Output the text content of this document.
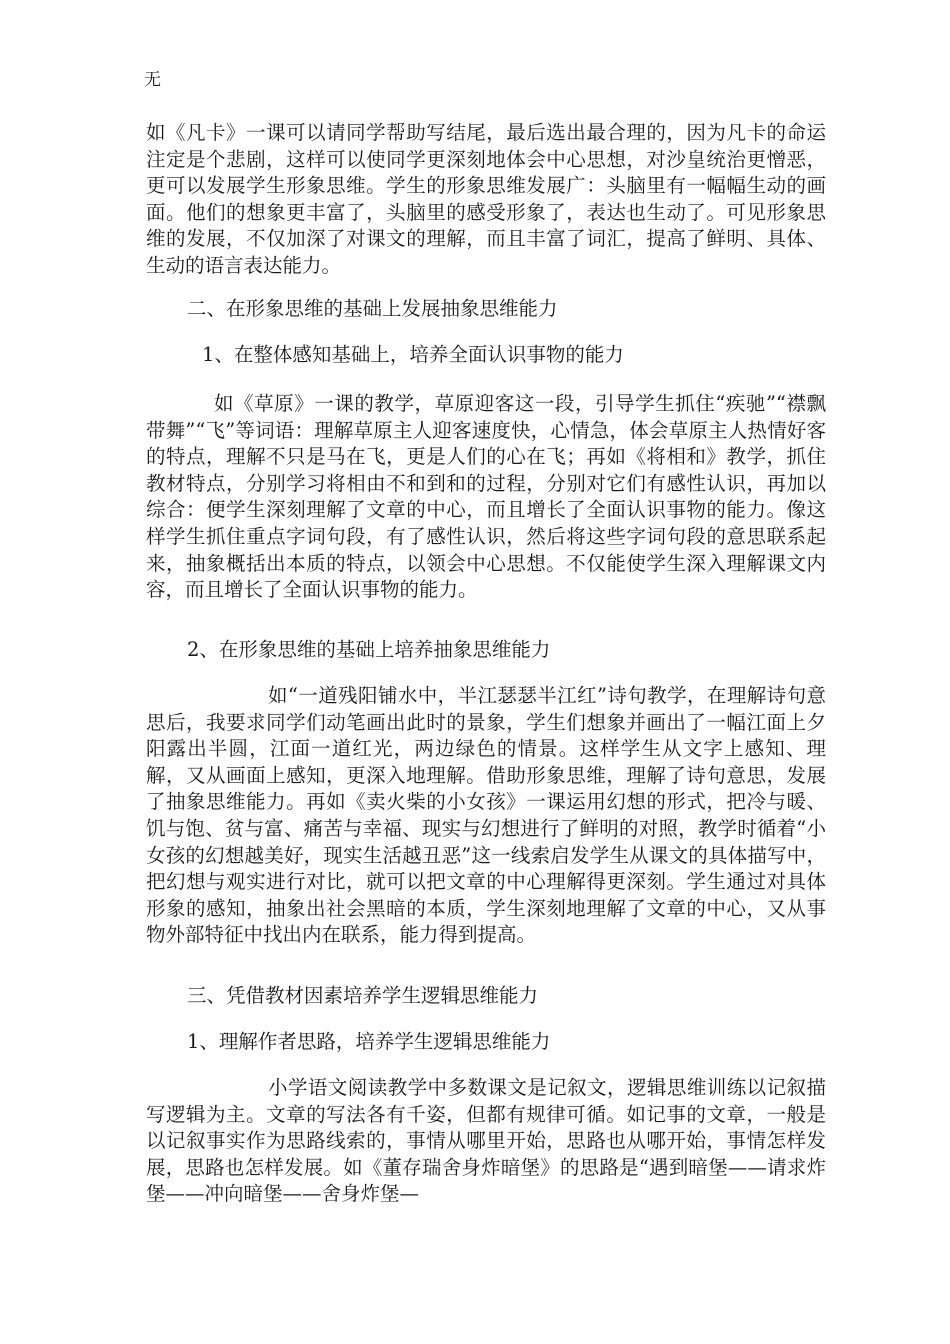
无
如《凡卡》一课可以请同学帮助写结尾，最后选出最合理的，因为凡卡的命运注定是个悲剧，这样可以使同学更深刻地体会中心思想，对沙皇统治更憎恶，更可以发展学生形象思维。学生的形象思维发展广：头脑里有一幅幅生动的画面。他们的想象更丰富了，头脑里的感受形象了，表达也生动了。可见形象思维的发展，不仅加深了对课文的理解，而且丰富了词汇，提高了鲜明、具体、生动的语言表达能力。
二、在形象思维的基础上发展抽象思维能力
1、在整体感知基础上，培养全面认识事物的能力
如《草原》一课的教学，草原迎客这一段，引导学生抓住“疾驰”“襟飘带舞”“飞”等词语：理解草原主人迎客速度快，心情急，体会草原主人热情好客的特点，理解不只是马在飞，更是人们的心在飞；再如《将相和》教学，抓住教材特点，分别学习将相由不和到和的过程，分别对它们有感性认识，再加以综合：便学生深刻理解了文章的中心，而且增长了全面认识事物的能力。像这样学生抓住重点字词句段，有了感性认识，然后将这些字词句段的意思联系起来，抽象概括出本质的特点，以领会中心思想。不仅能使学生深入理解课文内容，而且增长了全面认识事物的能力。
2、在形象思维的基础上培养抽象思维能力
如“一道残阳铺水中，半江瑟瑟半江红”诗句教学，在理解诗句意思后，我要求同学们动笔画出此时的景象，学生们想象并画出了一幅江面上夕阳露出半圆，江面一道红光，两边绿色的情景。这样学生从文字上感知、理解，又从画面上感知，更深入地理解。借助形象思维，理解了诗句意思，发展了抽象思维能力。再如《卖火柴的小女孩》一课运用幻想的形式，把冷与暖、饥与饱、贫与富、痛苦与幸福、现实与幻想进行了鲜明的对照，教学时循着“小女孩的幻想越美好，现实生活越丑恶”这一线索启发学生从课文的具体描写中，把幻想与观实进行对比，就可以把文章的中心理解得更深刻。学生通过对具体形象的感知，抽象出社会黑暗的本质，学生深刻地理解了文章的中心，又从事物外部特征中找出内在联系，能力得到提高。
三、凭借教材因素培养学生逻辑思维能力
1、理解作者思路，培养学生逻辑思维能力
小学语文阅读教学中多数课文是记叙文，逻辑思维训练以记叙描写逻辑为主。文章的写法各有千姿，但都有规律可循。如记事的文章，一般是以记叙事实作为思路线索的，事情从哪里开始，思路也从哪开始，事情怎样发展，思路也怎样发展。如《董存瑞舍身炸暗堡》的思路是“遇到暗堡——请求炸堡——冲向暗堡——舍身炸堡—
